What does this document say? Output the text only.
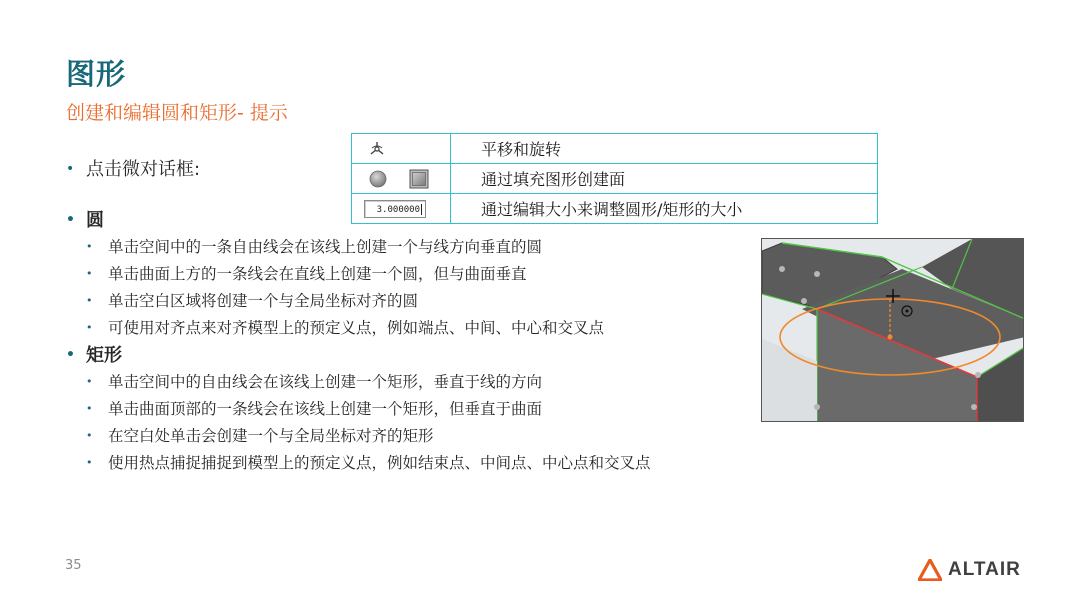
图形
创建和编辑圆和矩形- 提示
	平移和旋转

	通过填充图形创建面

3.000000	通过编辑大小来调整圆形/矩形的大小
• 点击微对话框:
• 圆
• 单击空间中的一条自由线会在该线上创建一个与线方向垂直的圆
• 单击曲面上方的一条线会在直线上创建一个圆，但与曲面垂直
• 单击空白区域将创建一个与全局坐标对齐的圆
• 可使用对齐点来对齐模型上的预定义点，例如端点、中间、中心和交叉点
• 矩形
• 单击空间中的自由线会在该线上创建一个矩形，垂直于线的方向
• 单击曲面顶部的一条线会在该线上创建一个矩形，但垂直于曲面
• 在空白处单击会创建一个与全局坐标对齐的矩形
• 使用热点捕捉捕捉到模型上的预定义点，例如结束点、中间点、中心点和交叉点
35	ALTAIR
